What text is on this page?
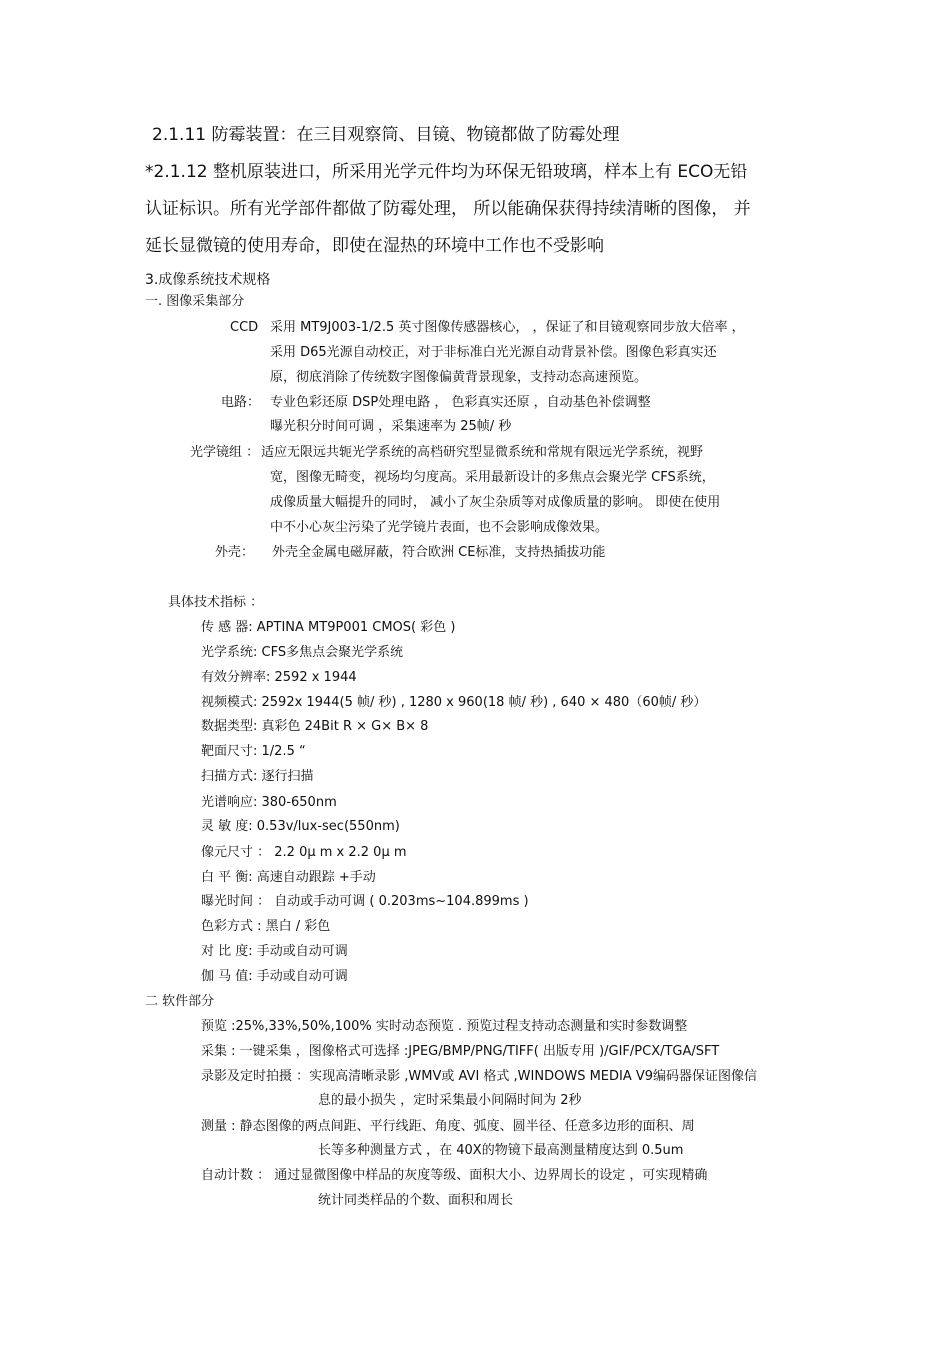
2.1.11 防霉装置：在三目观察筒、目镜、物镜都做了防霉处理
*2.1.12 整机原装进口，所采用光学元件均为环保无铅玻璃，样本上有 ECO无铅
认证标识。所有光学部件都做了防霉处理， 所以能确保获得持续清晰的图像， 并
延长显微镜的使用寿命，即使在湿热的环境中工作也不受影响
3.成像系统技术规格
一. 图像采集部分
CCD 采用 MT9J003-1/2.5 英寸图像传感器核心， ，保证了和目镜观察同步放大倍率 ，
采用 D65光源自动校正，对于非标准白光光源自动背景补偿。图像色彩真实还
原，彻底消除了传统数字图像偏黄背景现象，支持动态高速预览。
电路： 专业色彩还原 DSP处理电路 ， 色彩真实还原 ，自动基色补偿调整
曝光积分时间可调 ，采集速率为 25帧/ 秒
光学镜组 ： 适应无限远共轭光学系统的高档研究型显微系统和常规有限远光学系统，视野
宽，图像无畸变，视场均匀度高。采用最新设计的多焦点会聚光学 CFS系统，
成像质量大幅提升的同时， 减小了灰尘杂质等对成像质量的影响。 即使在使用
中不小心灰尘污染了光学镜片表面，也不会影响成像效果。
外壳： 外壳全金属电磁屏蔽，符合欧洲 CE标准，支持热插拔功能
具体技术指标 ：
传 感 器: APTINA MT9P001 CMOS( 彩色 )
光学系统: CFS多焦点会聚光学系统
有效分辨率: 2592 x 1944
视频模式: 2592x 1944(5 帧/ 秒) , 1280 x 960(18 帧/ 秒) , 640 × 480（60帧/ 秒）
数据类型: 真彩色 24Bit R × G× B× 8
靶面尺寸: 1/2.5 “
扫描方式: 逐行扫描
光谱响应: 380-650nm
灵 敏 度: 0.53v/lux-sec(550nm)
像元尺寸 ： 2.2 0μ m x 2.2 0μ m
白 平 衡: 高速自动跟踪 +手动
曝光时间 ： 自动或手动可调 ( 0.203ms~104.899ms )
色彩方式 : 黑白 / 彩色
对 比 度: 手动或自动可调
伽 马 值: 手动或自动可调
二 软件部分
预览 :25%,33%,50%,100% 实时动态预览 . 预览过程支持动态测量和实时参数调整
采集 : 一键采集 ，图像格式可选择 :JPEG/BMP/PNG/TIFF( 出版专用 )/GIF/PCX/TGA/SFT
录影及定时拍摄 ：实现高清晰录影 ,WMV或 AVI 格式 ,WINDOWS MEDIA V9编码器保证图像信
息的最小损失 ，定时采集最小间隔时间为 2秒
测量 : 静态图像的两点间距、平行线距、角度、弧度、圆半径、任意多边形的面积、周
长等多种测量方式 ，在 40X的物镜下最高测量精度达到 0.5um
自动计数 ： 通过显微图像中样品的灰度等级、面积大小、边界周长的设定 ，可实现精确
统计同类样品的个数、面积和周长
